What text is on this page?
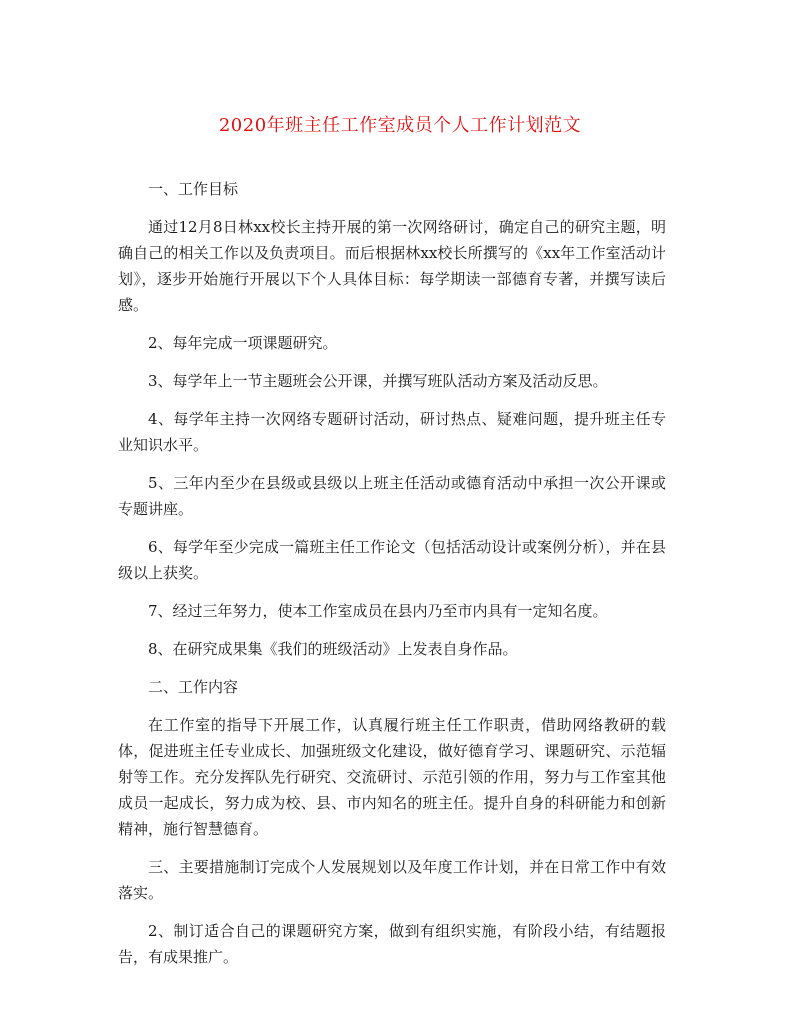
2020年班主任工作室成员个人工作计划范文

一、工作目标

通过12月8日林xx校长主持开展的第一次网络研讨，确定自己的研究主题，明确自己的相关工作以及负责项目。而后根据林xx校长所撰写的《xx年工作室活动计划》，逐步开始施行开展以下个人具体目标：每学期读一部德育专著，并撰写读后感。

2、每年完成一项课题研究。

3、每学年上一节主题班会公开课，并撰写班队活动方案及活动反思。

4、每学年主持一次网络专题研讨活动，研讨热点、疑难问题，提升班主任专业知识水平。

5、三年内至少在县级或县级以上班主任活动或德育活动中承担一次公开课或专题讲座。

6、每学年至少完成一篇班主任工作论文（包括活动设计或案例分析），并在县级以上获奖。

7、经过三年努力，使本工作室成员在县内乃至市内具有一定知名度。

8、在研究成果集《我们的班级活动》上发表自身作品。

二、工作内容

在工作室的指导下开展工作，认真履行班主任工作职责，借助网络教研的载体，促进班主任专业成长、加强班级文化建设，做好德育学习、课题研究、示范辐射等工作。充分发挥队先行研究、交流研讨、示范引领的作用，努力与工作室其他成员一起成长，努力成为校、县、市内知名的班主任。提升自身的科研能力和创新精神，施行智慧德育。

三、主要措施制订完成个人发展规划以及年度工作计划，并在日常工作中有效落实。

2、制订适合自己的课题研究方案，做到有组织实施，有阶段小结，有结题报告，有成果推广。
